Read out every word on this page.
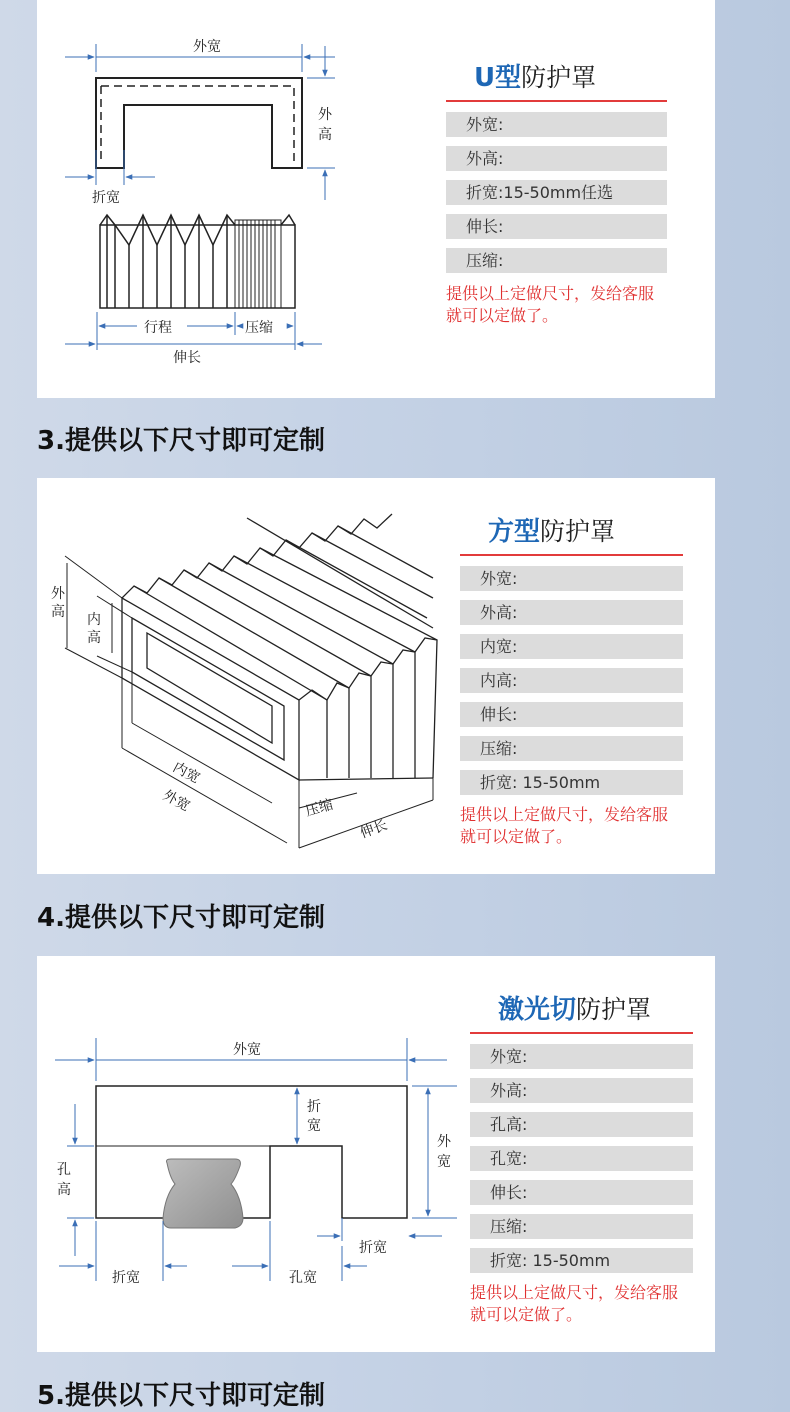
外宽
外
高
折宽
行程	压缩
伸长
U型防护罩
外宽:
外高:
折宽:15-50mm任选
伸长:
压缩:
提供以上定做尺寸，发给客服就可以定做了。
3.提供以下尺寸即可定制
外
高 内
高
内宽
外宽	压缩
伸长
方型防护罩
外宽:
外高:
内宽:
内高:
伸长:
压缩:
折宽: 15-50mm
提供以上定做尺寸，发给客服就可以定做了。
4.提供以下尺寸即可定制
外宽
折
宽
外
宽
孔
高
折宽
折宽	孔宽
激光切防护罩
外宽:
外高:
孔高:
孔宽:
伸长:
压缩:
折宽: 15-50mm
提供以上定做尺寸，发给客服就可以定做了。
5.提供以下尺寸即可定制
